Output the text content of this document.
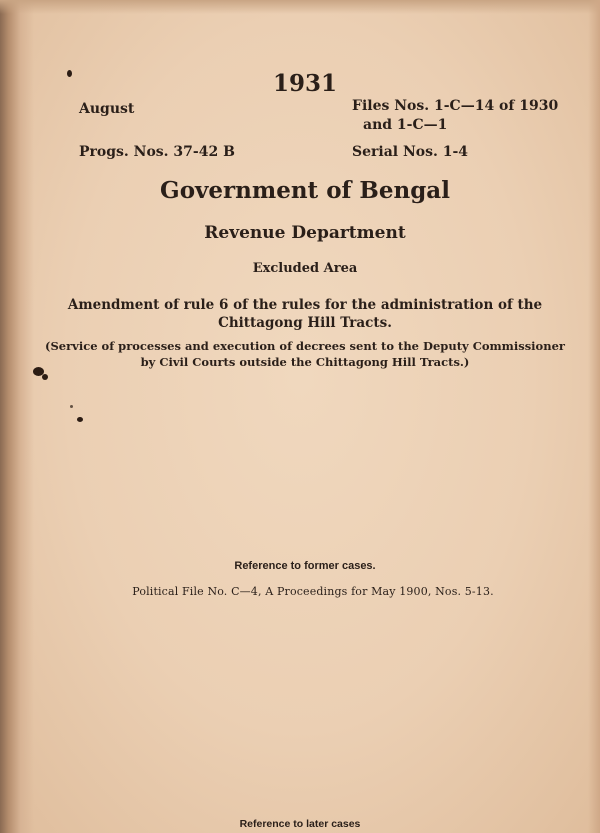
1931

August	Files Nos. 1-C—14 of 1930

and 1-C—1

Progs. Nos. 37-42 B	Serial Nos. 1-4

Government of Bengal
Revenue Department

Excluded Area

Amendment of rule 6 of the rules for the administration of the

Chittagong Hill Tracts.

(Service of processes and execution of decrees sent to the Deputy Commissioner

by Civil Courts outside the Chittagong Hill Tracts.)

Reference to former cases.

Political File No. C—4, A Proceedings for May 1900, Nos. 5-13.

Reference to later cases
